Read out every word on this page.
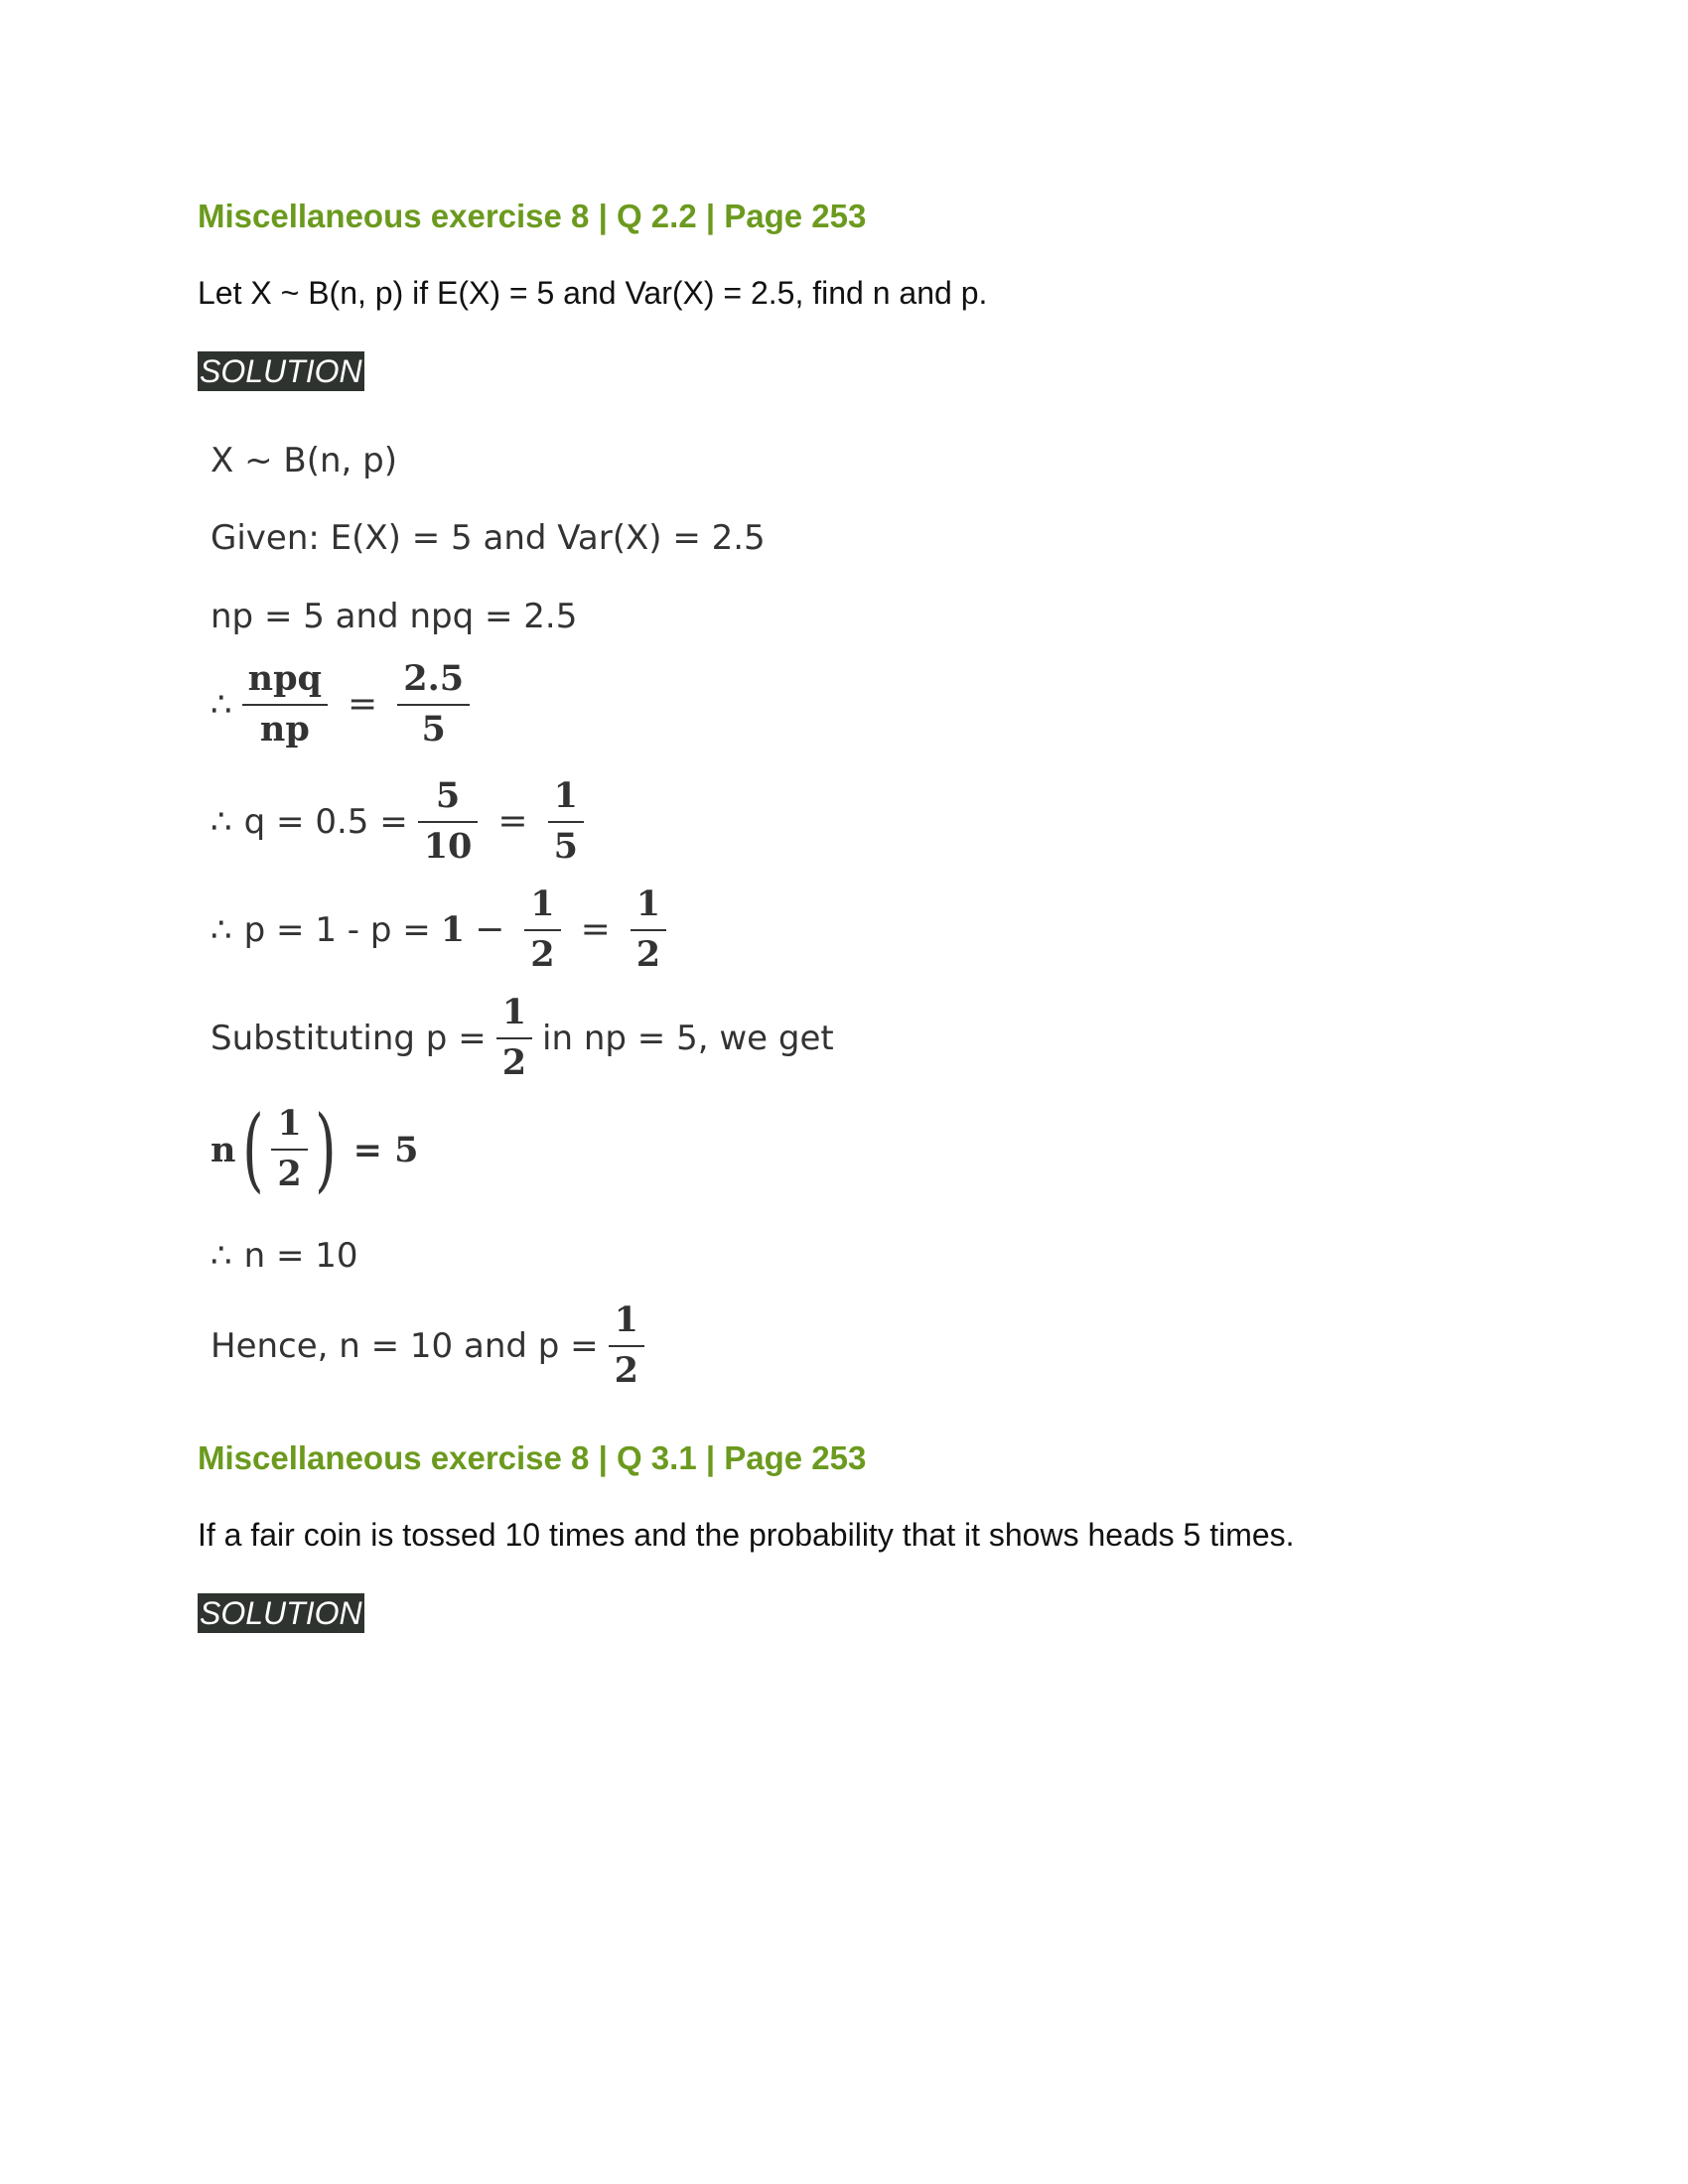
Miscellaneous exercise 8 | Q 2.2 | Page 253
Let X ~ B(n, p) if E(X) = 5 and Var(X) = 2.5, find n and p.
SOLUTION
X ~ B(n, p)
Given: E(X) = 5 and Var(X) = 2.5
np = 5 and npq = 2.5
∴ $\frac{\text{npq}}{np} = \frac{2.5}{5}$
∴ $q = 0.5 = \frac{5}{10} = \frac{1}{5}$
∴ $p = 1 - p = 1 - \frac{1}{2} = \frac{1}{2}$
Substituting $p = \frac{1}{2}$ in np = 5, we get
n ( $\frac{1}{2}$ ) = 5
∴ n = 10
Hence, n = 10 and $p = \frac{1}{2}$
Miscellaneous exercise 8 | Q 3.1 | Page 253
If a fair coin is tossed 10 times and the probability that it shows heads 5 times.
SOLUTION
